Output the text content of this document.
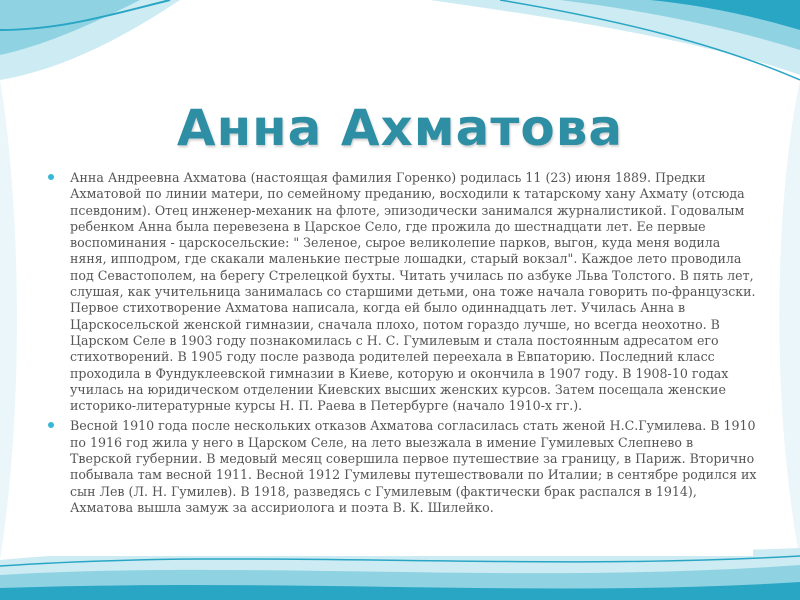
Анна Ахматова
Анна Андреевна Ахматова (настоящая фамилия Горенко) родилась 11 (23) июня 1889. Предки Ахматовой по линии матери, по семейному преданию, восходили к татарскому хану Ахмату (отсюда псевдоним). Отец инженер-механик на флоте, эпизодически занимался журналистикой. Годовалым ребенком Анна была перевезена в Царское Село, где прожила до шестнадцати лет. Ее первые воспоминания - царскосельские: " Зеленое, сырое великолепие парков, выгон, куда меня водила няня, ипподром, где скакали маленькие пестрые лошадки, старый вокзал". Каждое лето проводила под Севастополем, на берегу Стрелецкой бухты. Читать училась по азбуке Льва Толстого. В пять лет, слушая, как учительница занималась со старшими детьми, она тоже начала говорить по-французски. Первое стихотворение Ахматова написала, когда ей было одиннадцать лет. Училась Анна в Царскосельской женской гимназии, сначала плохо, потом гораздо лучше, но всегда неохотно. В Царском Селе в 1903 году познакомилась с Н. С. Гумилевым и стала постоянным адресатом его стихотворений. В 1905 году после развода родителей переехала в Евпаторию. Последний класс проходила в Фундуклеевской гимназии в Киеве, которую и окончила в 1907 году. В 1908-10 годах училась на юридическом отделении Киевских высших женских курсов. Затем посещала женские историко-литературные курсы Н. П. Раева в Петербурге (начало 1910-х гг.).
Весной 1910 года после нескольких отказов Ахматова согласилась стать женой Н.С.Гумилева. В 1910 по 1916 год жила у него в Царском Селе, на лето выезжала в имение Гумилевых Слепнево в Тверской губернии. В медовый месяц совершила первое путешествие за границу, в Париж. Вторично побывала там весной 1911. Весной 1912 Гумилевы путешествовали по Италии; в сентябре родился их сын Лев (Л. Н. Гумилев). В 1918, разведясь с Гумилевым (фактически брак распался в 1914), Ахматова вышла замуж за ассириолога и поэта В. К. Шилейко.
